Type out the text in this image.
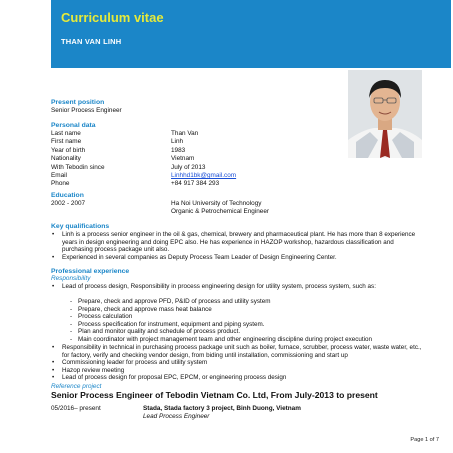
Curriculum vitae
THAN VAN LINH
Present position
Senior Process Engineer
Personal data
Last name	Than Van
First name	Linh
Year of birth	1983
Nationality	Vietnam
With Tebodin since	July of 2013
Email	Linhhd1bk@gmail.com
Phone	+84 917 384 293
Education
2002 - 2007	Ha Noi University of Technology
Organic & Petrochemical Engineer
Key qualifications
• Linh is a process senior engineer in the oil & gas, chemical, brewery and pharmaceutical plant. He has more than 8 experience years in design engineering and doing EPC also. He has experience in HAZOP workshop, hazardous classification and purchasing process package unit also.
• Experienced in several companies as Deputy Process Team Leader of Design Engineering Center.
Professional experience
Responsibility
• Lead of process design, Responsibility in process engineering design for utility system, process system, such as:
- Prepare, check and approve PFD, P&ID of process and utility system
- Prepare, check and approve mass heat balance
- Process calculation
- Process specification for instrument, equipment and piping system.
- Plan and monitor quality and schedule of process product.
- Main coordinator with project management team and other engineering discipline during project execution
• Responsibility in technical in purchasing process package unit such as boiler, furnace, scrubber, process water, waste water, etc., for factory, verify and checking vendor design, from biding until installation, commissioning and start up
• Commissioning leader for process and utility system
• Hazop review meeting
• Lead of process design for proposal EPC, EPCM, or engineering process design
Reference project
Senior Process Engineer of Tebodin Vietnam Co. Ltd, From July-2013 to present
05/2016– present	Stada, Stada factory 3 project, Binh Duong, Vietnam
Lead Process Engineer
Page 1 of 7
